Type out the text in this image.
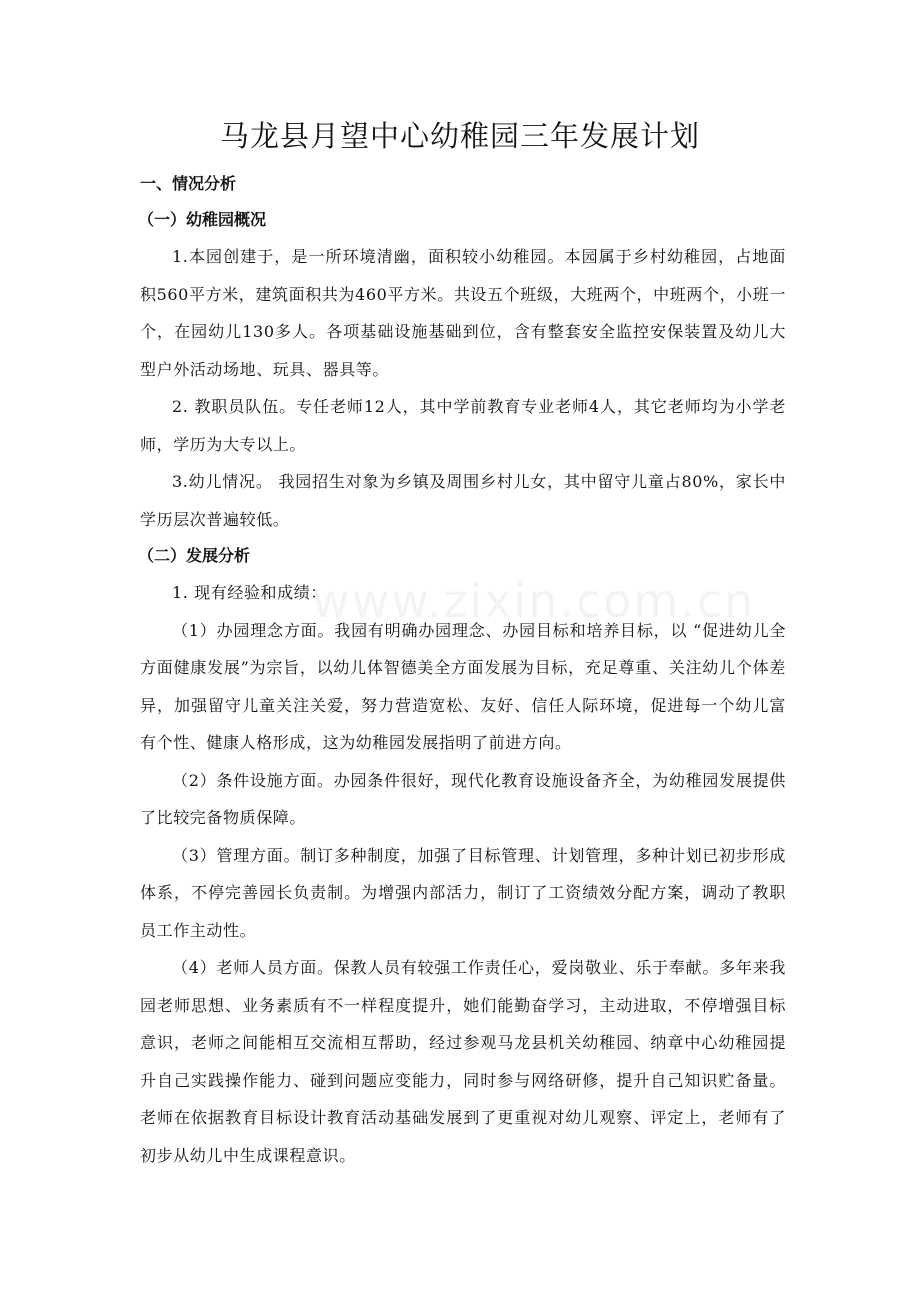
马龙县月望中心幼稚园三年发展计划

一、情况分析

（一）幼稚园概况

1.本园创建于，是一所环境清幽，面积较小幼稚园。本园属于乡村幼稚园，占地面积560平方米，建筑面积共为460平方米。共设五个班级，大班两个，中班两个，小班一个，在园幼儿130多人。各项基础设施基础到位，含有整套安全监控安保装置及幼儿大型户外活动场地、玩具、器具等。

2. 教职员队伍。专任老师12人，其中学前教育专业老师4人，其它老师均为小学老师，学历为大专以上。

3.幼儿情况。 我园招生对象为乡镇及周围乡村儿女，其中留守儿童占80%，家长中学历层次普遍较低。

（二）发展分析

1. 现有经验和成绩：

（1）办园理念方面。我园有明确办园理念、办园目标和培养目标，以 “促进幼儿全方面健康发展”为宗旨，以幼儿体智德美全方面发展为目标，充足尊重、关注幼儿个体差异，加强留守儿童关注关爱，努力营造宽松、友好、信任人际环境，促进每一个幼儿富有个性、健康人格形成，这为幼稚园发展指明了前进方向。

（2）条件设施方面。办园条件很好，现代化教育设施设备齐全，为幼稚园发展提供了比较完备物质保障。

（3）管理方面。制订多种制度，加强了目标管理、计划管理，多种计划已初步形成体系，不停完善园长负责制。为增强内部活力，制订了工资绩效分配方案，调动了教职员工作主动性。

（4）老师人员方面。保教人员有较强工作责任心，爱岗敬业、乐于奉献。多年来我园老师思想、业务素质有不一样程度提升，她们能勤奋学习，主动进取，不停增强目标意识，老师之间能相互交流相互帮助，经过参观马龙县机关幼稚园、纳章中心幼稚园提升自己实践操作能力、碰到问题应变能力，同时参与网络研修，提升自己知识贮备量。老师在依据教育目标设计教育活动基础发展到了更重视对幼儿观察、评定上，老师有了初步从幼儿中生成课程意识。

www.zixin.com.cn
